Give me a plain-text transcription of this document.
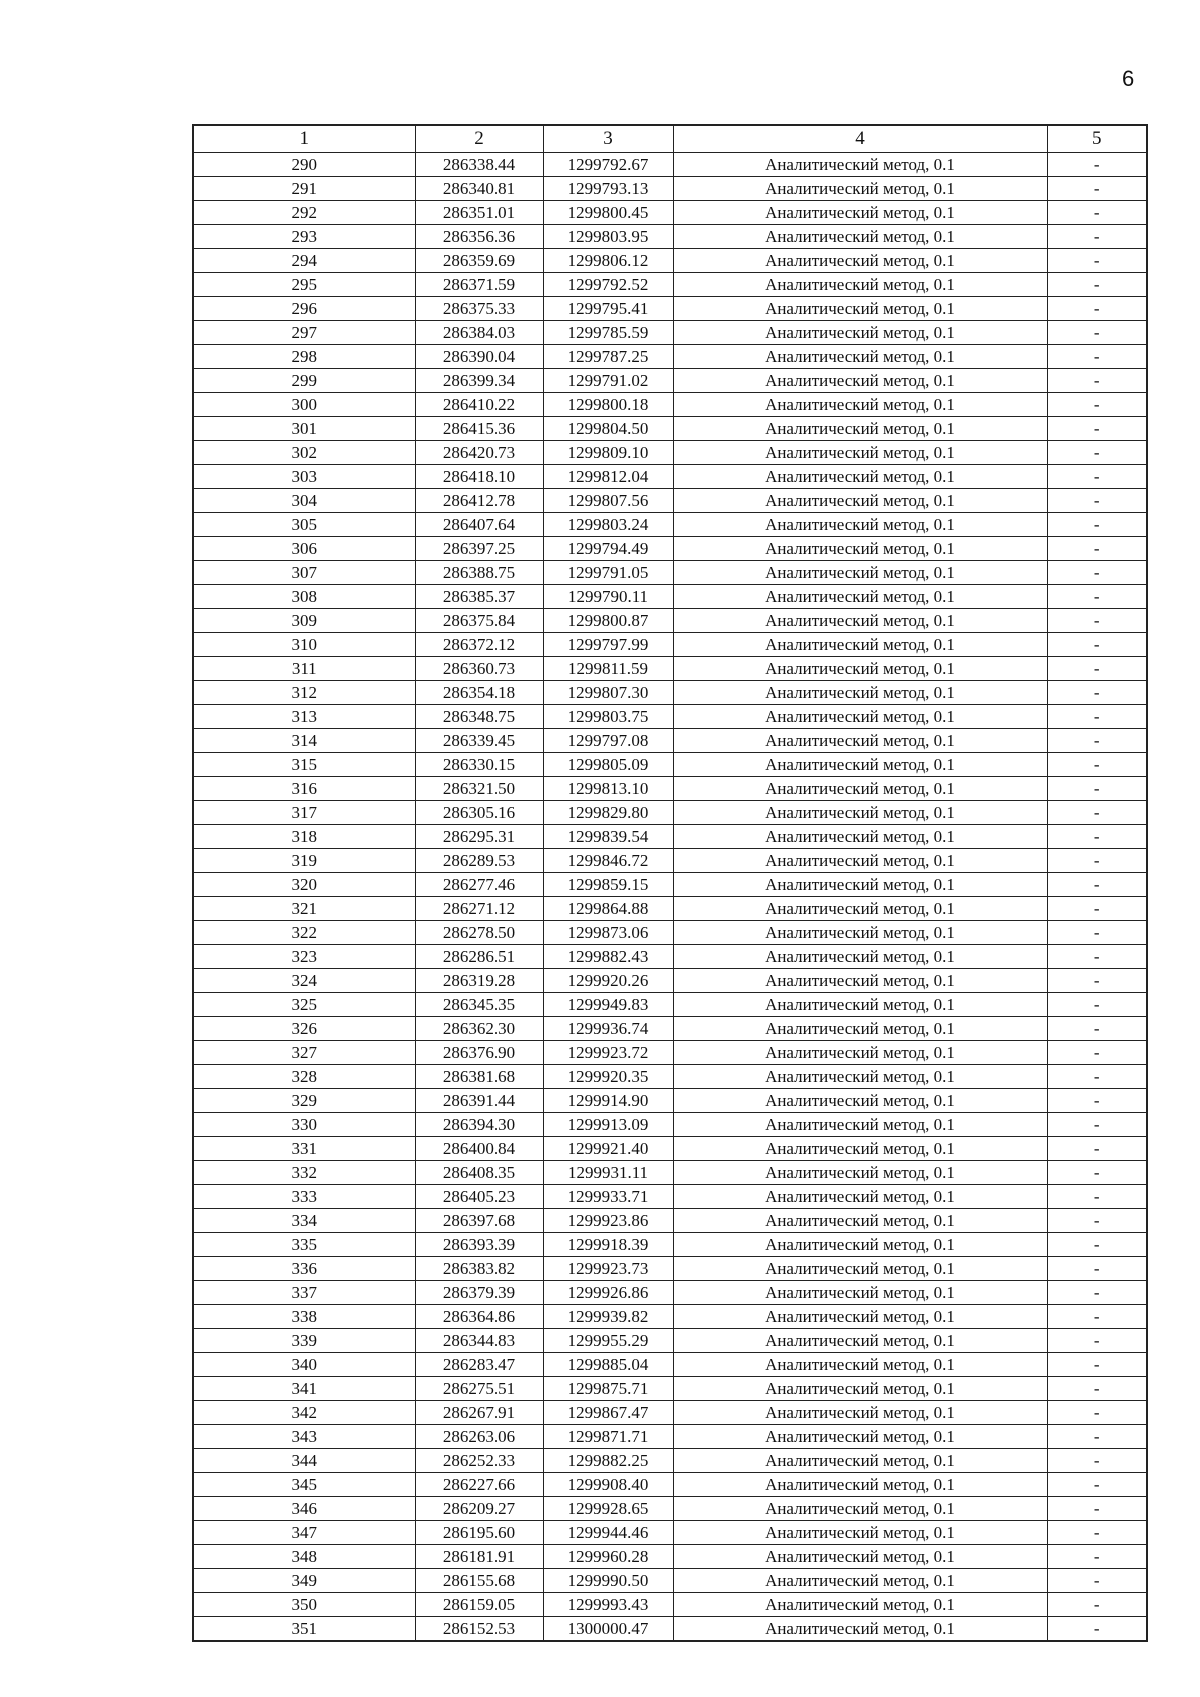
6
1	2	3	4	5
290	286338.44	1299792.67	Аналитический метод, 0.1	-
291	286340.81	1299793.13	Аналитический метод, 0.1	-
292	286351.01	1299800.45	Аналитический метод, 0.1	-
293	286356.36	1299803.95	Аналитический метод, 0.1	-
294	286359.69	1299806.12	Аналитический метод, 0.1	-
295	286371.59	1299792.52	Аналитический метод, 0.1	-
296	286375.33	1299795.41	Аналитический метод, 0.1	-
297	286384.03	1299785.59	Аналитический метод, 0.1	-
298	286390.04	1299787.25	Аналитический метод, 0.1	-
299	286399.34	1299791.02	Аналитический метод, 0.1	-
300	286410.22	1299800.18	Аналитический метод, 0.1	-
301	286415.36	1299804.50	Аналитический метод, 0.1	-
302	286420.73	1299809.10	Аналитический метод, 0.1	-
303	286418.10	1299812.04	Аналитический метод, 0.1	-
304	286412.78	1299807.56	Аналитический метод, 0.1	-
305	286407.64	1299803.24	Аналитический метод, 0.1	-
306	286397.25	1299794.49	Аналитический метод, 0.1	-
307	286388.75	1299791.05	Аналитический метод, 0.1	-
308	286385.37	1299790.11	Аналитический метод, 0.1	-
309	286375.84	1299800.87	Аналитический метод, 0.1	-
310	286372.12	1299797.99	Аналитический метод, 0.1	-
311	286360.73	1299811.59	Аналитический метод, 0.1	-
312	286354.18	1299807.30	Аналитический метод, 0.1	-
313	286348.75	1299803.75	Аналитический метод, 0.1	-
314	286339.45	1299797.08	Аналитический метод, 0.1	-
315	286330.15	1299805.09	Аналитический метод, 0.1	-
316	286321.50	1299813.10	Аналитический метод, 0.1	-
317	286305.16	1299829.80	Аналитический метод, 0.1	-
318	286295.31	1299839.54	Аналитический метод, 0.1	-
319	286289.53	1299846.72	Аналитический метод, 0.1	-
320	286277.46	1299859.15	Аналитический метод, 0.1	-
321	286271.12	1299864.88	Аналитический метод, 0.1	-
322	286278.50	1299873.06	Аналитический метод, 0.1	-
323	286286.51	1299882.43	Аналитический метод, 0.1	-
324	286319.28	1299920.26	Аналитический метод, 0.1	-
325	286345.35	1299949.83	Аналитический метод, 0.1	-
326	286362.30	1299936.74	Аналитический метод, 0.1	-
327	286376.90	1299923.72	Аналитический метод, 0.1	-
328	286381.68	1299920.35	Аналитический метод, 0.1	-
329	286391.44	1299914.90	Аналитический метод, 0.1	-
330	286394.30	1299913.09	Аналитический метод, 0.1	-
331	286400.84	1299921.40	Аналитический метод, 0.1	-
332	286408.35	1299931.11	Аналитический метод, 0.1	-
333	286405.23	1299933.71	Аналитический метод, 0.1	-
334	286397.68	1299923.86	Аналитический метод, 0.1	-
335	286393.39	1299918.39	Аналитический метод, 0.1	-
336	286383.82	1299923.73	Аналитический метод, 0.1	-
337	286379.39	1299926.86	Аналитический метод, 0.1	-
338	286364.86	1299939.82	Аналитический метод, 0.1	-
339	286344.83	1299955.29	Аналитический метод, 0.1	-
340	286283.47	1299885.04	Аналитический метод, 0.1	-
341	286275.51	1299875.71	Аналитический метод, 0.1	-
342	286267.91	1299867.47	Аналитический метод, 0.1	-
343	286263.06	1299871.71	Аналитический метод, 0.1	-
344	286252.33	1299882.25	Аналитический метод, 0.1	-
345	286227.66	1299908.40	Аналитический метод, 0.1	-
346	286209.27	1299928.65	Аналитический метод, 0.1	-
347	286195.60	1299944.46	Аналитический метод, 0.1	-
348	286181.91	1299960.28	Аналитический метод, 0.1	-
349	286155.68	1299990.50	Аналитический метод, 0.1	-
350	286159.05	1299993.43	Аналитический метод, 0.1	-
351	286152.53	1300000.47	Аналитический метод, 0.1	-
